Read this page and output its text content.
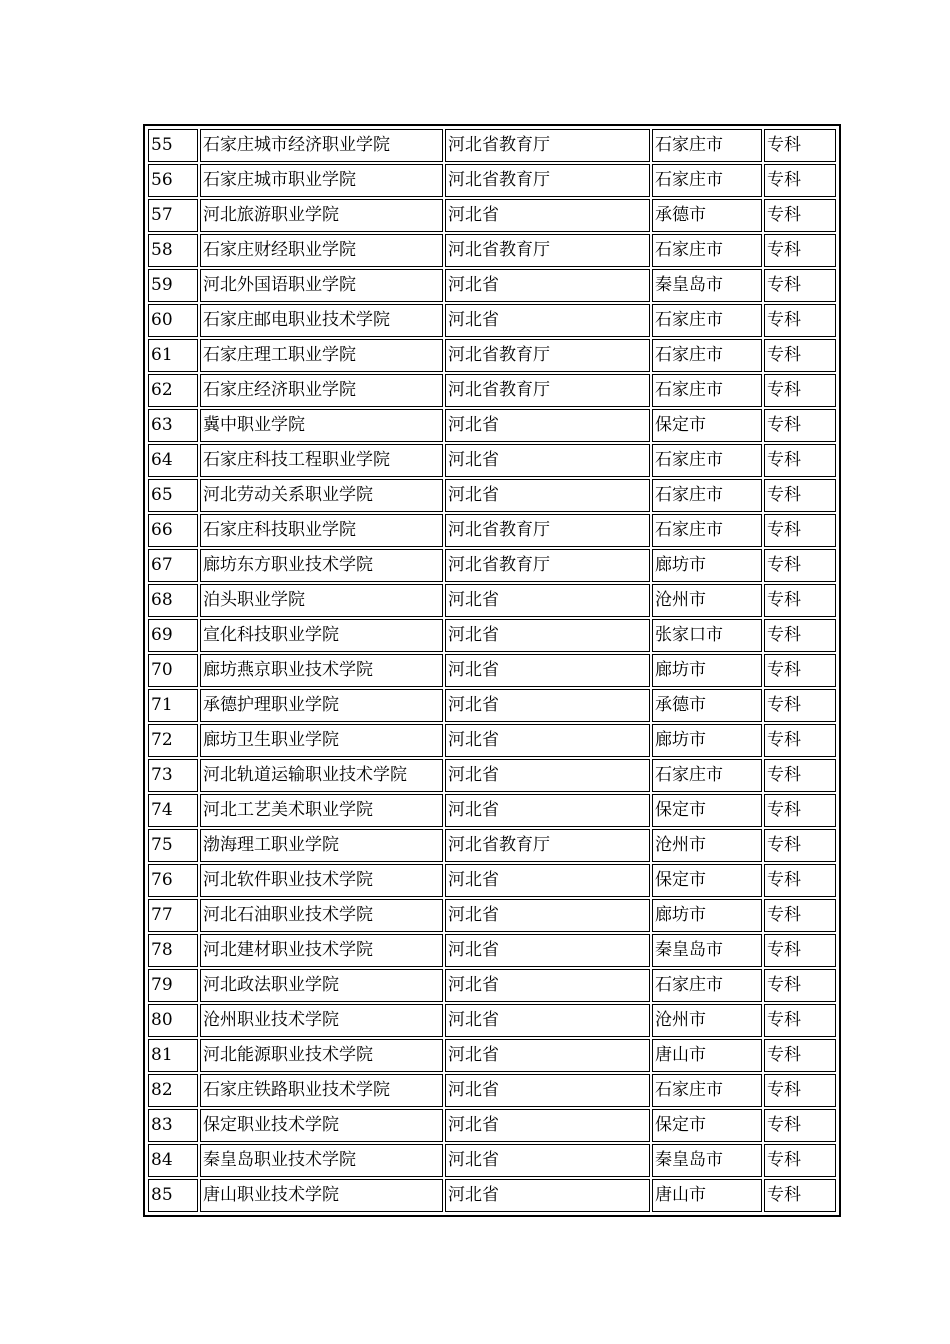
55	石家庄城市经济职业学院	河北省教育厅	石家庄市	专科
56	石家庄城市职业学院	河北省教育厅	石家庄市	专科
57	河北旅游职业学院	河北省	承德市	专科
58	石家庄财经职业学院	河北省教育厅	石家庄市	专科
59	河北外国语职业学院	河北省	秦皇岛市	专科
60	石家庄邮电职业技术学院	河北省	石家庄市	专科
61	石家庄理工职业学院	河北省教育厅	石家庄市	专科
62	石家庄经济职业学院	河北省教育厅	石家庄市	专科
63	冀中职业学院	河北省	保定市	专科
64	石家庄科技工程职业学院	河北省	石家庄市	专科
65	河北劳动关系职业学院	河北省	石家庄市	专科
66	石家庄科技职业学院	河北省教育厅	石家庄市	专科
67	廊坊东方职业技术学院	河北省教育厅	廊坊市	专科
68	泊头职业学院	河北省	沧州市	专科
69	宣化科技职业学院	河北省	张家口市	专科
70	廊坊燕京职业技术学院	河北省	廊坊市	专科
71	承德护理职业学院	河北省	承德市	专科
72	廊坊卫生职业学院	河北省	廊坊市	专科
73	河北轨道运输职业技术学院	河北省	石家庄市	专科
74	河北工艺美术职业学院	河北省	保定市	专科
75	渤海理工职业学院	河北省教育厅	沧州市	专科
76	河北软件职业技术学院	河北省	保定市	专科
77	河北石油职业技术学院	河北省	廊坊市	专科
78	河北建材职业技术学院	河北省	秦皇岛市	专科
79	河北政法职业学院	河北省	石家庄市	专科
80	沧州职业技术学院	河北省	沧州市	专科
81	河北能源职业技术学院	河北省	唐山市	专科
82	石家庄铁路职业技术学院	河北省	石家庄市	专科
83	保定职业技术学院	河北省	保定市	专科
84	秦皇岛职业技术学院	河北省	秦皇岛市	专科
85	唐山职业技术学院	河北省	唐山市	专科
